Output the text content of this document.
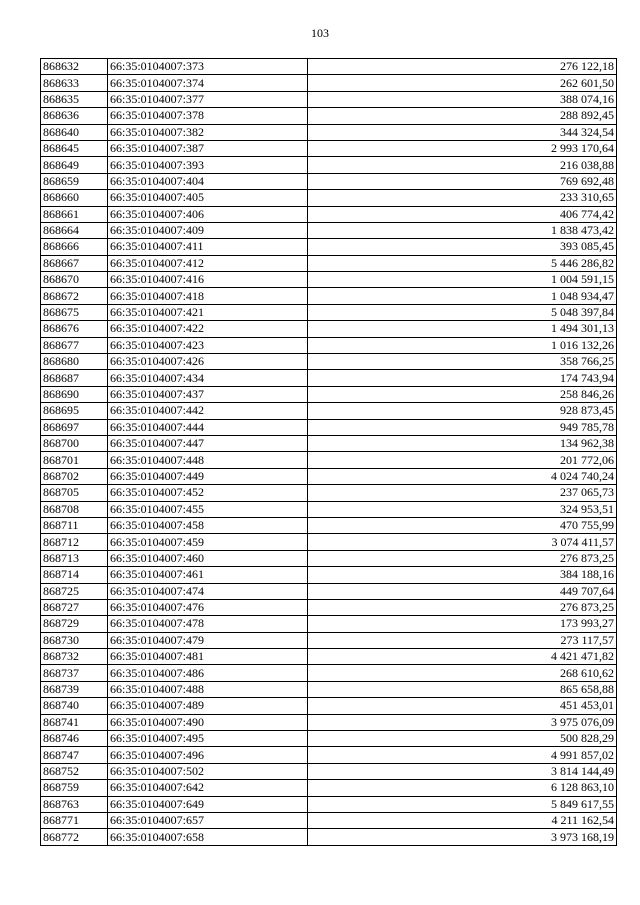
103
868632	66:35:0104007:373	276 122,18
868633	66:35:0104007:374	262 601,50
868635	66:35:0104007:377	388 074,16
868636	66:35:0104007:378	288 892,45
868640	66:35:0104007:382	344 324,54
868645	66:35:0104007:387	2 993 170,64
868649	66:35:0104007:393	216 038,88
868659	66:35:0104007:404	769 692,48
868660	66:35:0104007:405	233 310,65
868661	66:35:0104007:406	406 774,42
868664	66:35:0104007:409	1 838 473,42
868666	66:35:0104007:411	393 085,45
868667	66:35:0104007:412	5 446 286,82
868670	66:35:0104007:416	1 004 591,15
868672	66:35:0104007:418	1 048 934,47
868675	66:35:0104007:421	5 048 397,84
868676	66:35:0104007:422	1 494 301,13
868677	66:35:0104007:423	1 016 132,26
868680	66:35:0104007:426	358 766,25
868687	66:35:0104007:434	174 743,94
868690	66:35:0104007:437	258 846,26
868695	66:35:0104007:442	928 873,45
868697	66:35:0104007:444	949 785,78
868700	66:35:0104007:447	134 962,38
868701	66:35:0104007:448	201 772,06
868702	66:35:0104007:449	4 024 740,24
868705	66:35:0104007:452	237 065,73
868708	66:35:0104007:455	324 953,51
868711	66:35:0104007:458	470 755,99
868712	66:35:0104007:459	3 074 411,57
868713	66:35:0104007:460	276 873,25
868714	66:35:0104007:461	384 188,16
868725	66:35:0104007:474	449 707,64
868727	66:35:0104007:476	276 873,25
868729	66:35:0104007:478	173 993,27
868730	66:35:0104007:479	273 117,57
868732	66:35:0104007:481	4 421 471,82
868737	66:35:0104007:486	268 610,62
868739	66:35:0104007:488	865 658,88
868740	66:35:0104007:489	451 453,01
868741	66:35:0104007:490	3 975 076,09
868746	66:35:0104007:495	500 828,29
868747	66:35:0104007:496	4 991 857,02
868752	66:35:0104007:502	3 814 144,49
868759	66:35:0104007:642	6 128 863,10
868763	66:35:0104007:649	5 849 617,55
868771	66:35:0104007:657	4 211 162,54
868772	66:35:0104007:658	3 973 168,19
